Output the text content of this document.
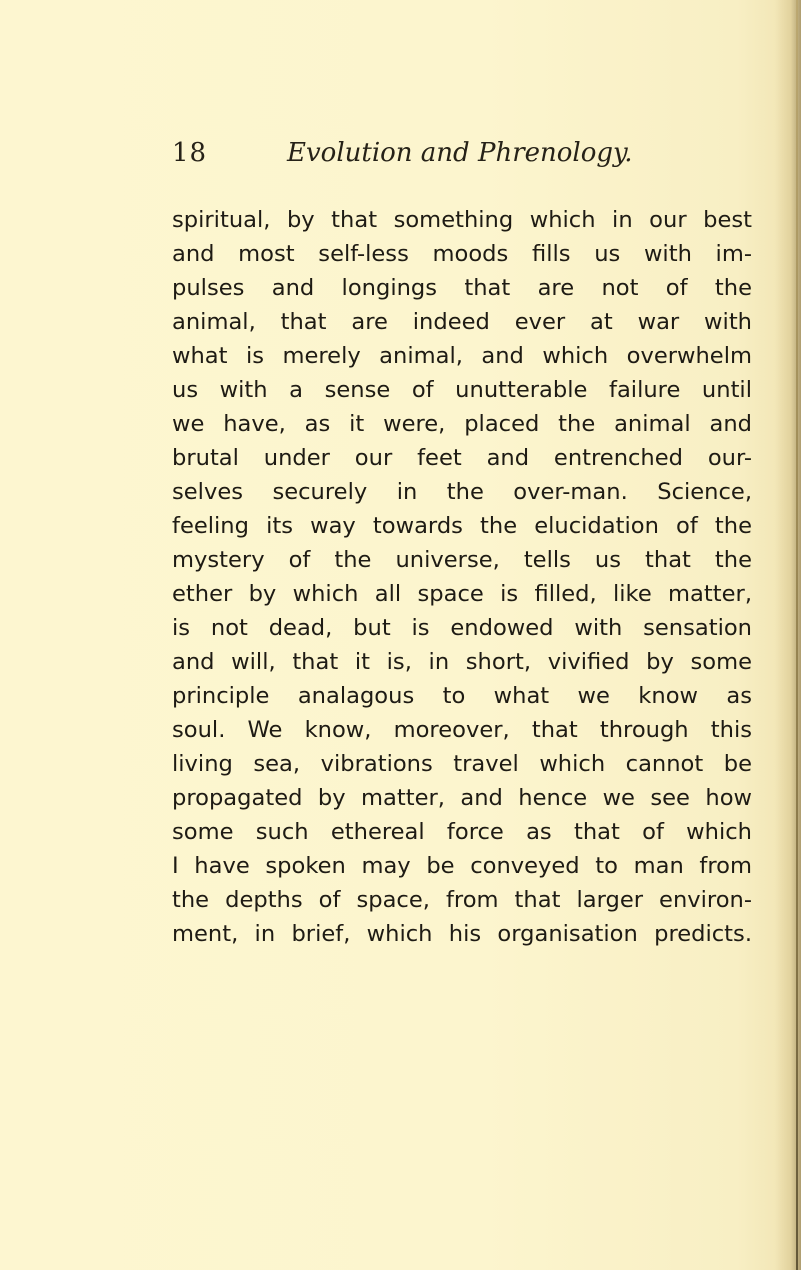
18	Evolution and Phrenology.
spiritual, by that something which in our best
and most self-less moods fills us with im-
pulses and longings that are not of the
animal, that are indeed ever at war with
what is merely animal, and which overwhelm
us with a sense of unutterable failure until
we have, as it were, placed the animal and
brutal under our feet and entrenched our-
selves securely in the over-man. Science,
feeling its way towards the elucidation of the
mystery of the universe, tells us that the
ether by which all space is filled, like matter,
is not dead, but is endowed with sensation
and will, that it is, in short, vivified by some
principle analagous to what we know as
soul. We know, moreover, that through this
living sea, vibrations travel which cannot be
propagated by matter, and hence we see how
some such ethereal force as that of which
I have spoken may be conveyed to man from
the depths of space, from that larger environ-
ment, in brief, which his organisation predicts.
